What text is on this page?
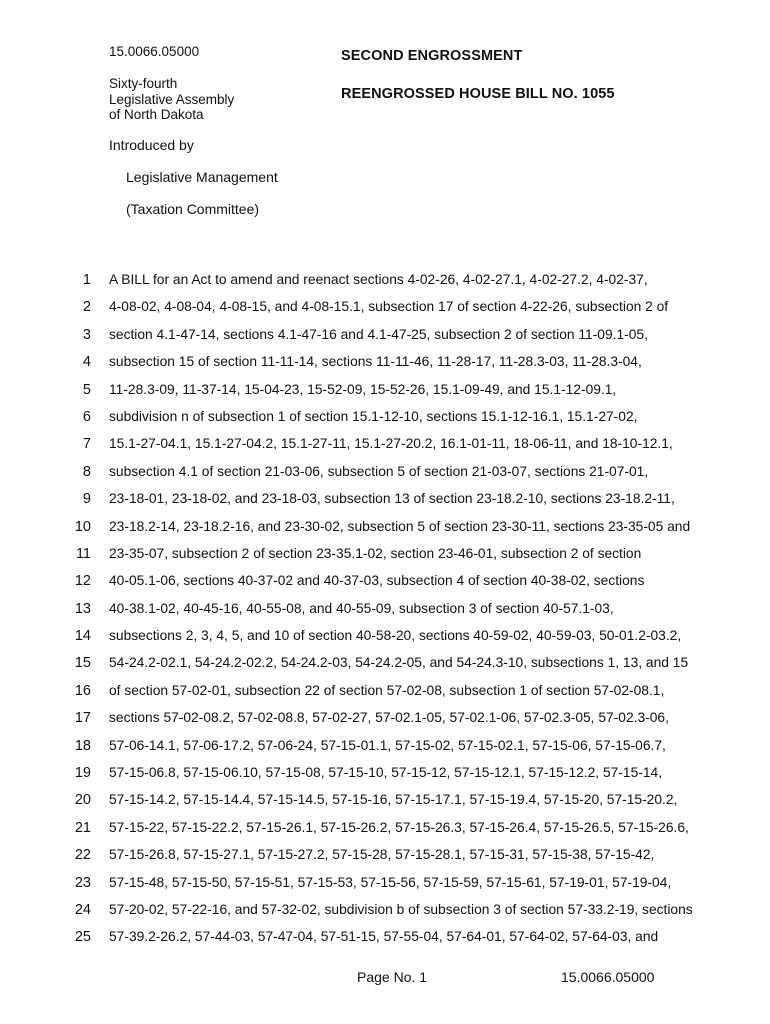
15.0066.05000
Sixty-fourth
Legislative Assembly
of North Dakota
SECOND ENGROSSMENT
REENGROSSED HOUSE BILL NO. 1055
Introduced by
Legislative Management
(Taxation Committee)
1 A BILL for an Act to amend and reenact sections 4-02-26, 4-02-27.1, 4-02-27.2, 4-02-37,
2 4-08-02, 4-08-04, 4-08-15, and 4-08-15.1, subsection 17 of section 4-22-26, subsection 2 of
3 section 4.1-47-14, sections 4.1-47-16 and 4.1-47-25, subsection 2 of section 11-09.1-05,
4 subsection 15 of section 11-11-14, sections 11-11-46, 11-28-17, 11-28.3-03, 11-28.3-04,
5 11-28.3-09, 11-37-14, 15-04-23, 15-52-09, 15-52-26, 15.1-09-49, and 15.1-12-09.1,
6 subdivision n of subsection 1 of section 15.1-12-10, sections 15.1-12-16.1, 15.1-27-02,
7 15.1-27-04.1, 15.1-27-04.2, 15.1-27-11, 15.1-27-20.2, 16.1-01-11, 18-06-11, and 18-10-12.1,
8 subsection 4.1 of section 21-03-06, subsection 5 of section 21-03-07, sections 21-07-01,
9 23-18-01, 23-18-02, and 23-18-03, subsection 13 of section 23-18.2-10, sections 23-18.2-11,
10 23-18.2-14, 23-18.2-16, and 23-30-02, subsection 5 of section 23-30-11, sections 23-35-05 and
11 23-35-07, subsection 2 of section 23-35.1-02, section 23-46-01, subsection 2 of section
12 40-05.1-06, sections 40-37-02 and 40-37-03, subsection 4 of section 40-38-02, sections
13 40-38.1-02, 40-45-16, 40-55-08, and 40-55-09, subsection 3 of section 40-57.1-03,
14 subsections 2, 3, 4, 5, and 10 of section 40-58-20, sections 40-59-02, 40-59-03, 50-01.2-03.2,
15 54-24.2-02.1, 54-24.2-02.2, 54-24.2-03, 54-24.2-05, and 54-24.3-10, subsections 1, 13, and 15
16 of section 57-02-01, subsection 22 of section 57-02-08, subsection 1 of section 57-02-08.1,
17 sections 57-02-08.2, 57-02-08.8, 57-02-27, 57-02.1-05, 57-02.1-06, 57-02.3-05, 57-02.3-06,
18 57-06-14.1, 57-06-17.2, 57-06-24, 57-15-01.1, 57-15-02, 57-15-02.1, 57-15-06, 57-15-06.7,
19 57-15-06.8, 57-15-06.10, 57-15-08, 57-15-10, 57-15-12, 57-15-12.1, 57-15-12.2, 57-15-14,
20 57-15-14.2, 57-15-14.4, 57-15-14.5, 57-15-16, 57-15-17.1, 57-15-19.4, 57-15-20, 57-15-20.2,
21 57-15-22, 57-15-22.2, 57-15-26.1, 57-15-26.2, 57-15-26.3, 57-15-26.4, 57-15-26.5, 57-15-26.6,
22 57-15-26.8, 57-15-27.1, 57-15-27.2, 57-15-28, 57-15-28.1, 57-15-31, 57-15-38, 57-15-42,
23 57-15-48, 57-15-50, 57-15-51, 57-15-53, 57-15-56, 57-15-59, 57-15-61, 57-19-01, 57-19-04,
24 57-20-02, 57-22-16, and 57-32-02, subdivision b of subsection 3 of section 57-33.2-19, sections
25 57-39.2-26.2, 57-44-03, 57-47-04, 57-51-15, 57-55-04, 57-64-01, 57-64-02, 57-64-03, and
Page No. 1	15.0066.05000
